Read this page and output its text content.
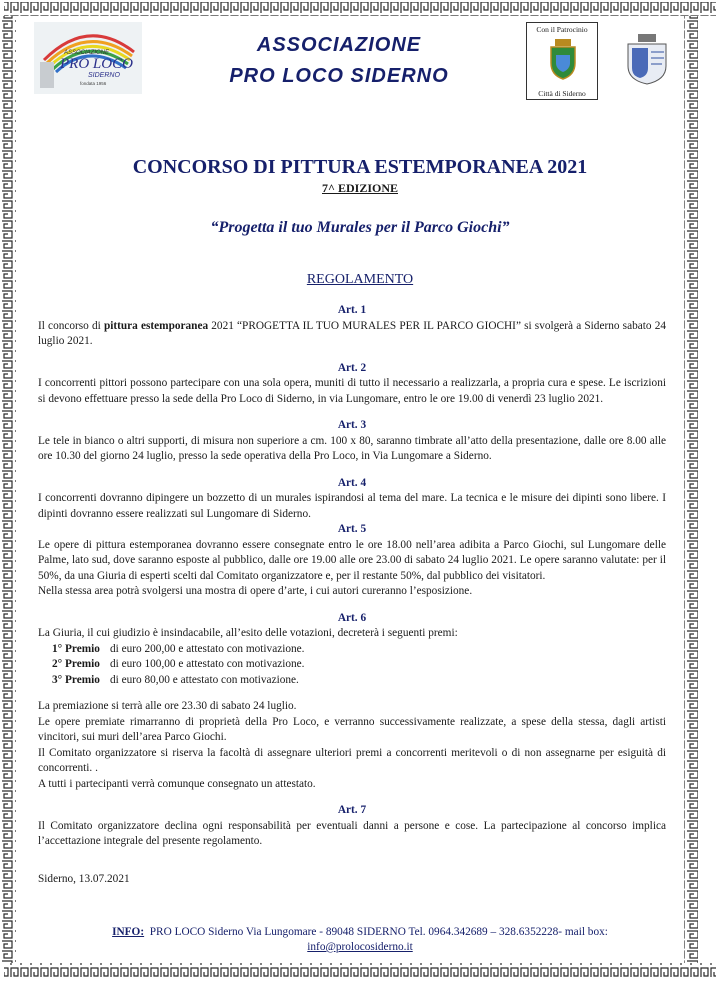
ASSOCIAZIONE
PRO LOCO
SIDERNO
fondata 1956
ASSOCIAZIONE
PRO LOCO SIDERNO
Con il Patrocinio
Città di Siderno
CONCORSO DI PITTURA ESTEMPORANEA 2021
7^ EDIZIONE
“Progetta il tuo Murales per il Parco Giochi”
REGOLAMENTO

Art. 1

Il concorso di pittura estemporanea 2021 “PROGETTA IL TUO MURALES PER IL PARCO GIOCHI” si svolgerà a Siderno sabato 24 luglio 2021.

Art. 2

I concorrenti pittori possono partecipare con una sola opera, muniti di tutto il necessario a realizzarla, a propria cura e spese. Le iscrizioni si devono effettuare presso la sede della Pro Loco di Siderno, in via Lungomare, entro le ore 19.00 di venerdì 23 luglio 2021.

Art. 3

Le tele in bianco o altri supporti, di misura non superiore a cm. 100 x 80, saranno timbrate all’atto della presentazione, dalle ore 8.00 alle ore 10.30 del giorno 24 luglio, presso la sede operativa della Pro Loco, in Via Lungomare a Siderno.

Art. 4

I concorrenti dovranno dipingere un bozzetto di un murales ispirandosi al tema del mare. La tecnica e le misure dei dipinti sono libere. I dipinti dovranno essere realizzati sul Lungomare di Siderno.

Art. 5

Le opere di pittura estemporanea dovranno essere consegnate entro le ore 18.00 nell’area adibita a Parco Giochi, sul Lungomare delle Palme, lato sud, dove saranno esposte al pubblico, dalle ore 19.00 alle ore 23.00 di sabato 24 luglio 2021. Le opere saranno valutate: per il 50%, da una Giuria di esperti scelti dal Comitato organizzatore e, per il restante 50%, dal pubblico dei visitatori.

Nella stessa area potrà svolgersi una mostra di opere d’arte, i cui autori cureranno l’esposizione.

Art. 6

La Giuria, il cui giudizio è insindacabile, all’esito delle votazioni, decreterà i seguenti premi:

1° Premio di euro 200,00 e attestato con motivazione.

2° Premio di euro 100,00 e attestato con motivazione.

3° Premio di euro 80,00 e attestato con motivazione.

La premiazione si terrà alle ore 23.30 di sabato 24 luglio.

Le opere premiate rimarranno di proprietà della Pro Loco, e verranno successivamente realizzate, a spese della stessa, dagli artisti vincitori, sui muri dell’area Parco Giochi.

Il Comitato organizzatore si riserva la facoltà di assegnare ulteriori premi a concorrenti meritevoli o di non assegnarne per esiguità di concorrenti. .

A tutti i partecipanti verrà comunque consegnato un attestato.

Art. 7

Il Comitato organizzatore declina ogni responsabilità per eventuali danni a persone e cose. La partecipazione al concorso implica l’accettazione integrale del presente regolamento.

Siderno, 13.07.2021

INFO: PRO LOCO Siderno Via Lungomare - 89048 SIDERNO Tel. 0964.342689 – 328.6352228- mail box:
info@prolocosiderno.it
